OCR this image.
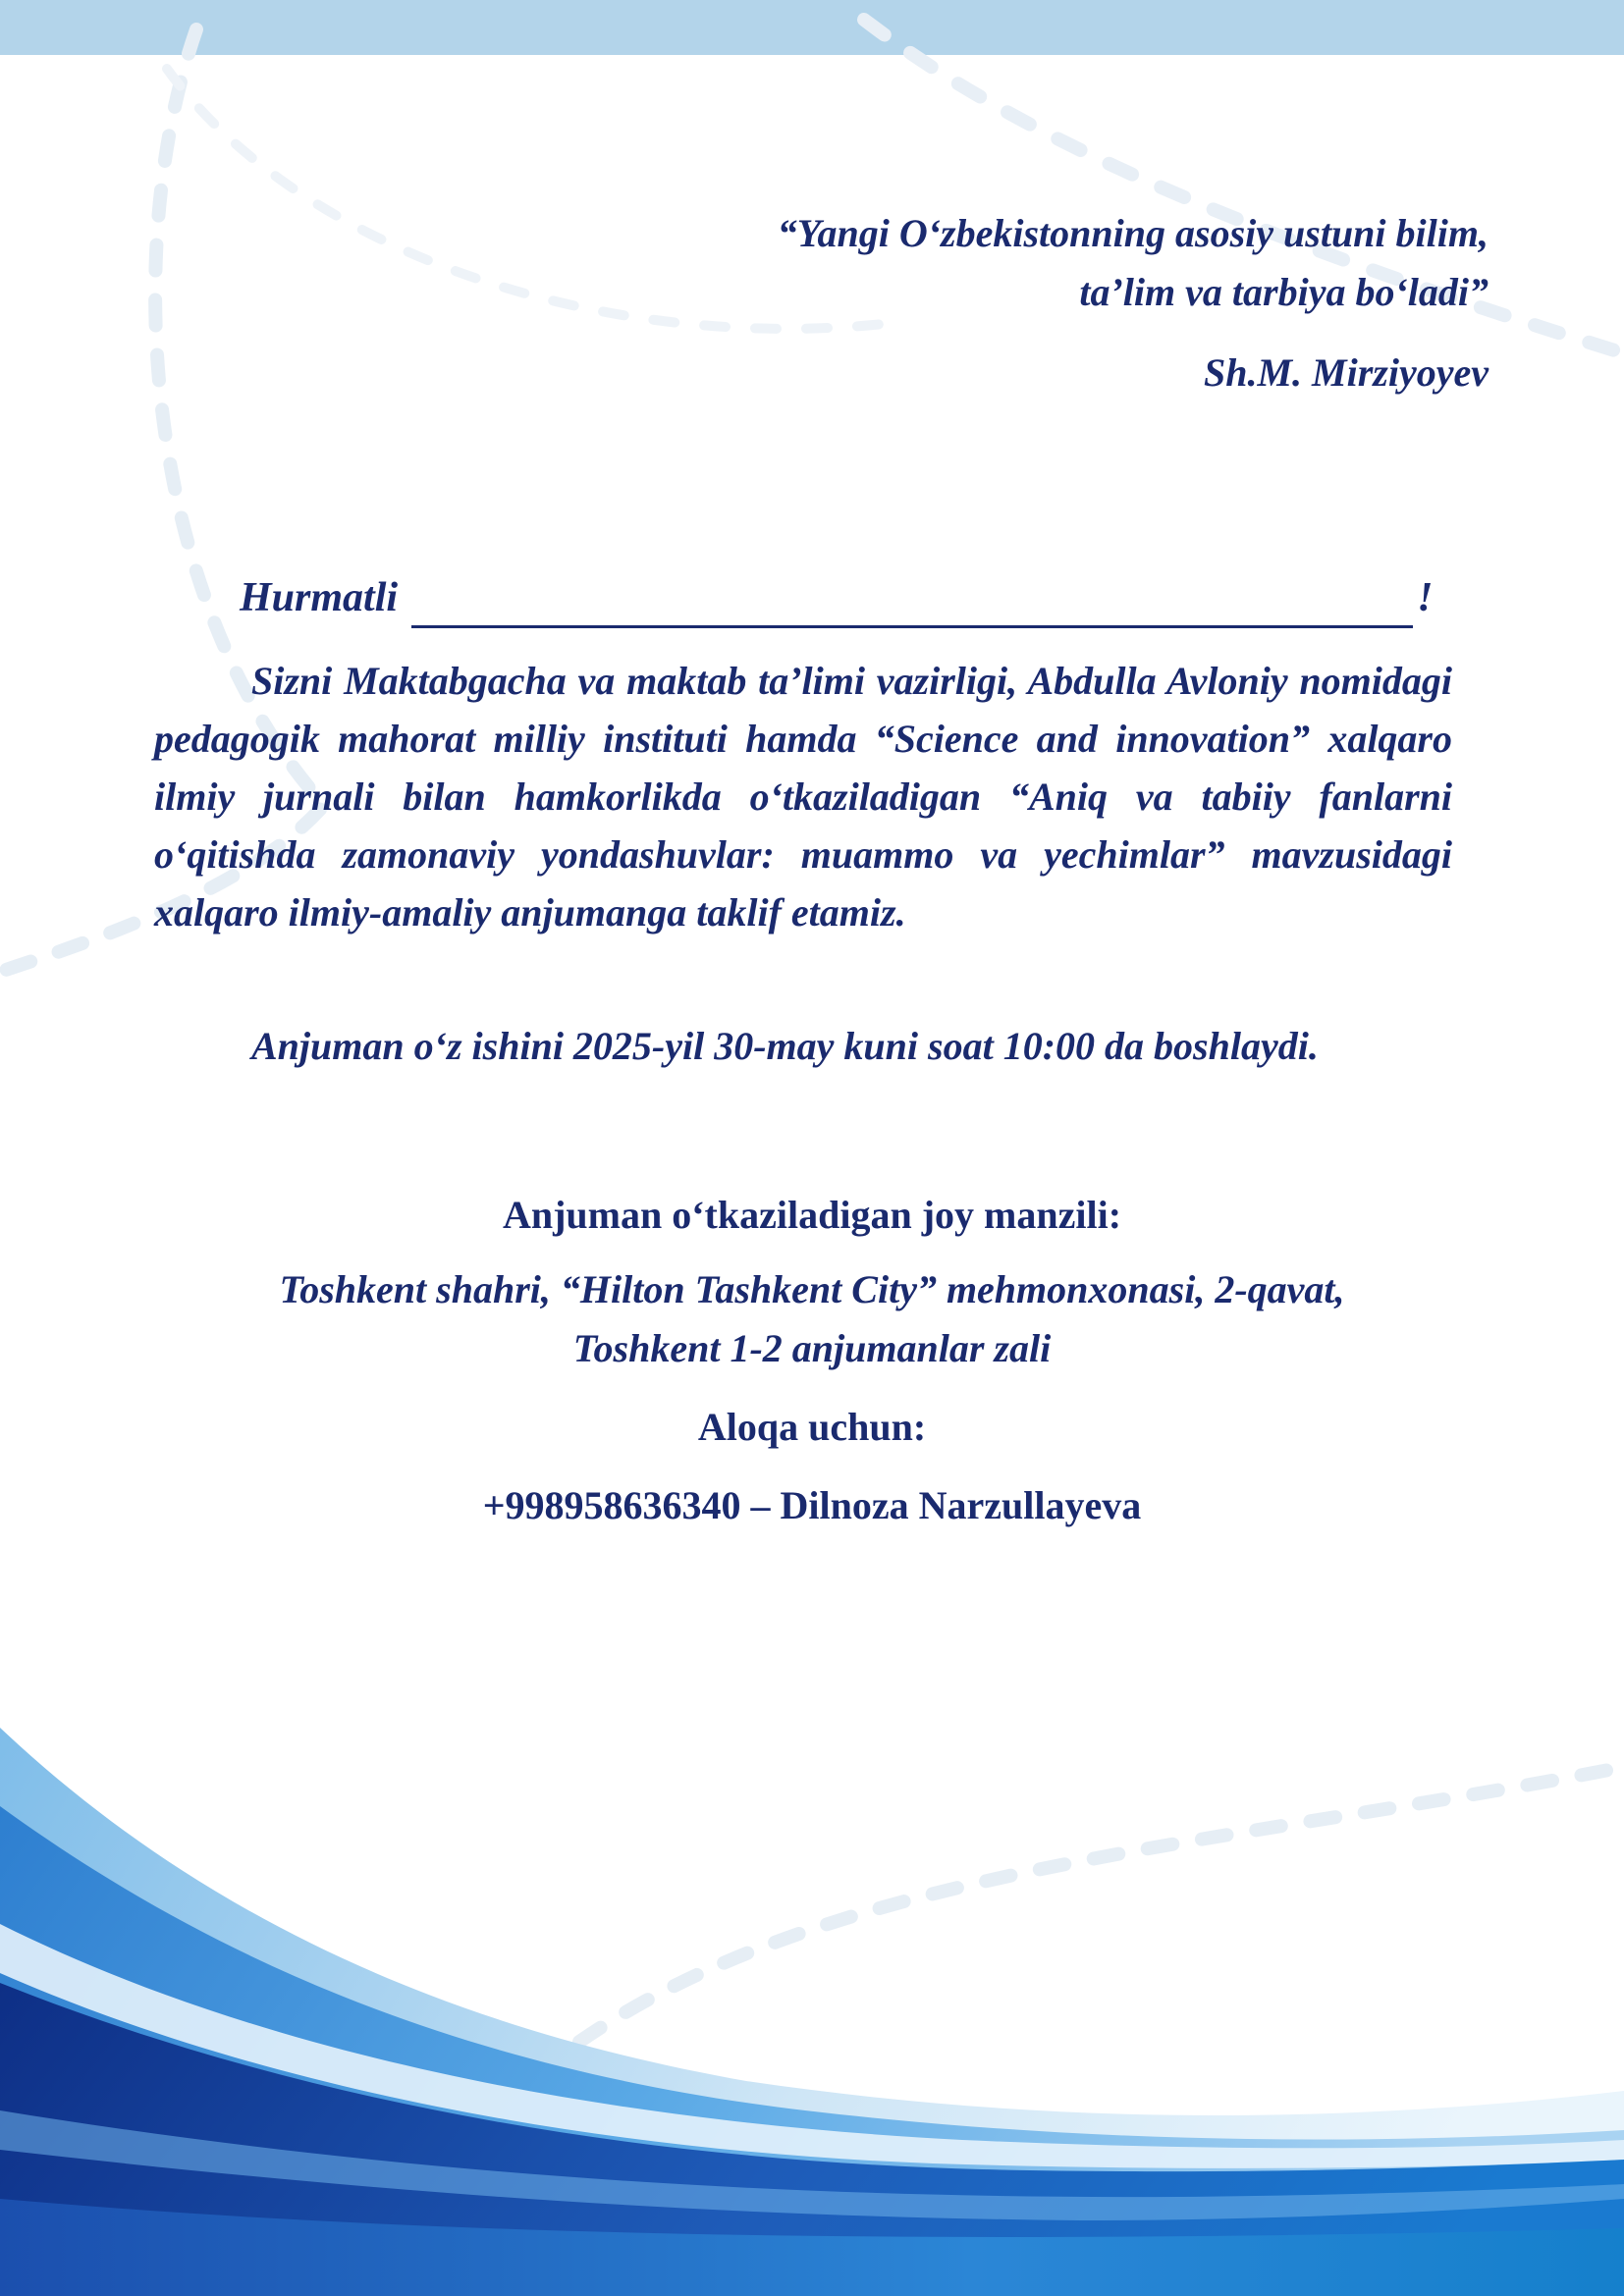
“Yangi O‘zbekistonning asosiy ustuni bilim,
ta’lim va tarbiya bo‘ladi”
Sh.M. Mirziyoyev
Hurmatli	!

Sizni Maktabgacha va maktab ta’limi vazirligi, Abdulla Avloniy nomidagi pedagogik mahorat milliy instituti hamda “Science and innovation” xalqaro ilmiy jurnali bilan hamkorlikda o‘tkaziladigan “Aniq va tabiiy fanlarni o‘qitishda zamonaviy yondashuvlar: muammo va yechimlar” mavzusidagi xalqaro ilmiy-amaliy anjumanga taklif etamiz.

Anjuman o‘z ishini 2025-yil 30-may kuni soat 10:00 da boshlaydi.

Anjuman o‘tkaziladigan joy manzili:
Toshkent shahri, “Hilton Tashkent City” mehmonxonasi, 2-qavat,
Toshkent 1-2 anjumanlar zali
Aloqa uchun:
+998958636340 – Dilnoza Narzullayeva
